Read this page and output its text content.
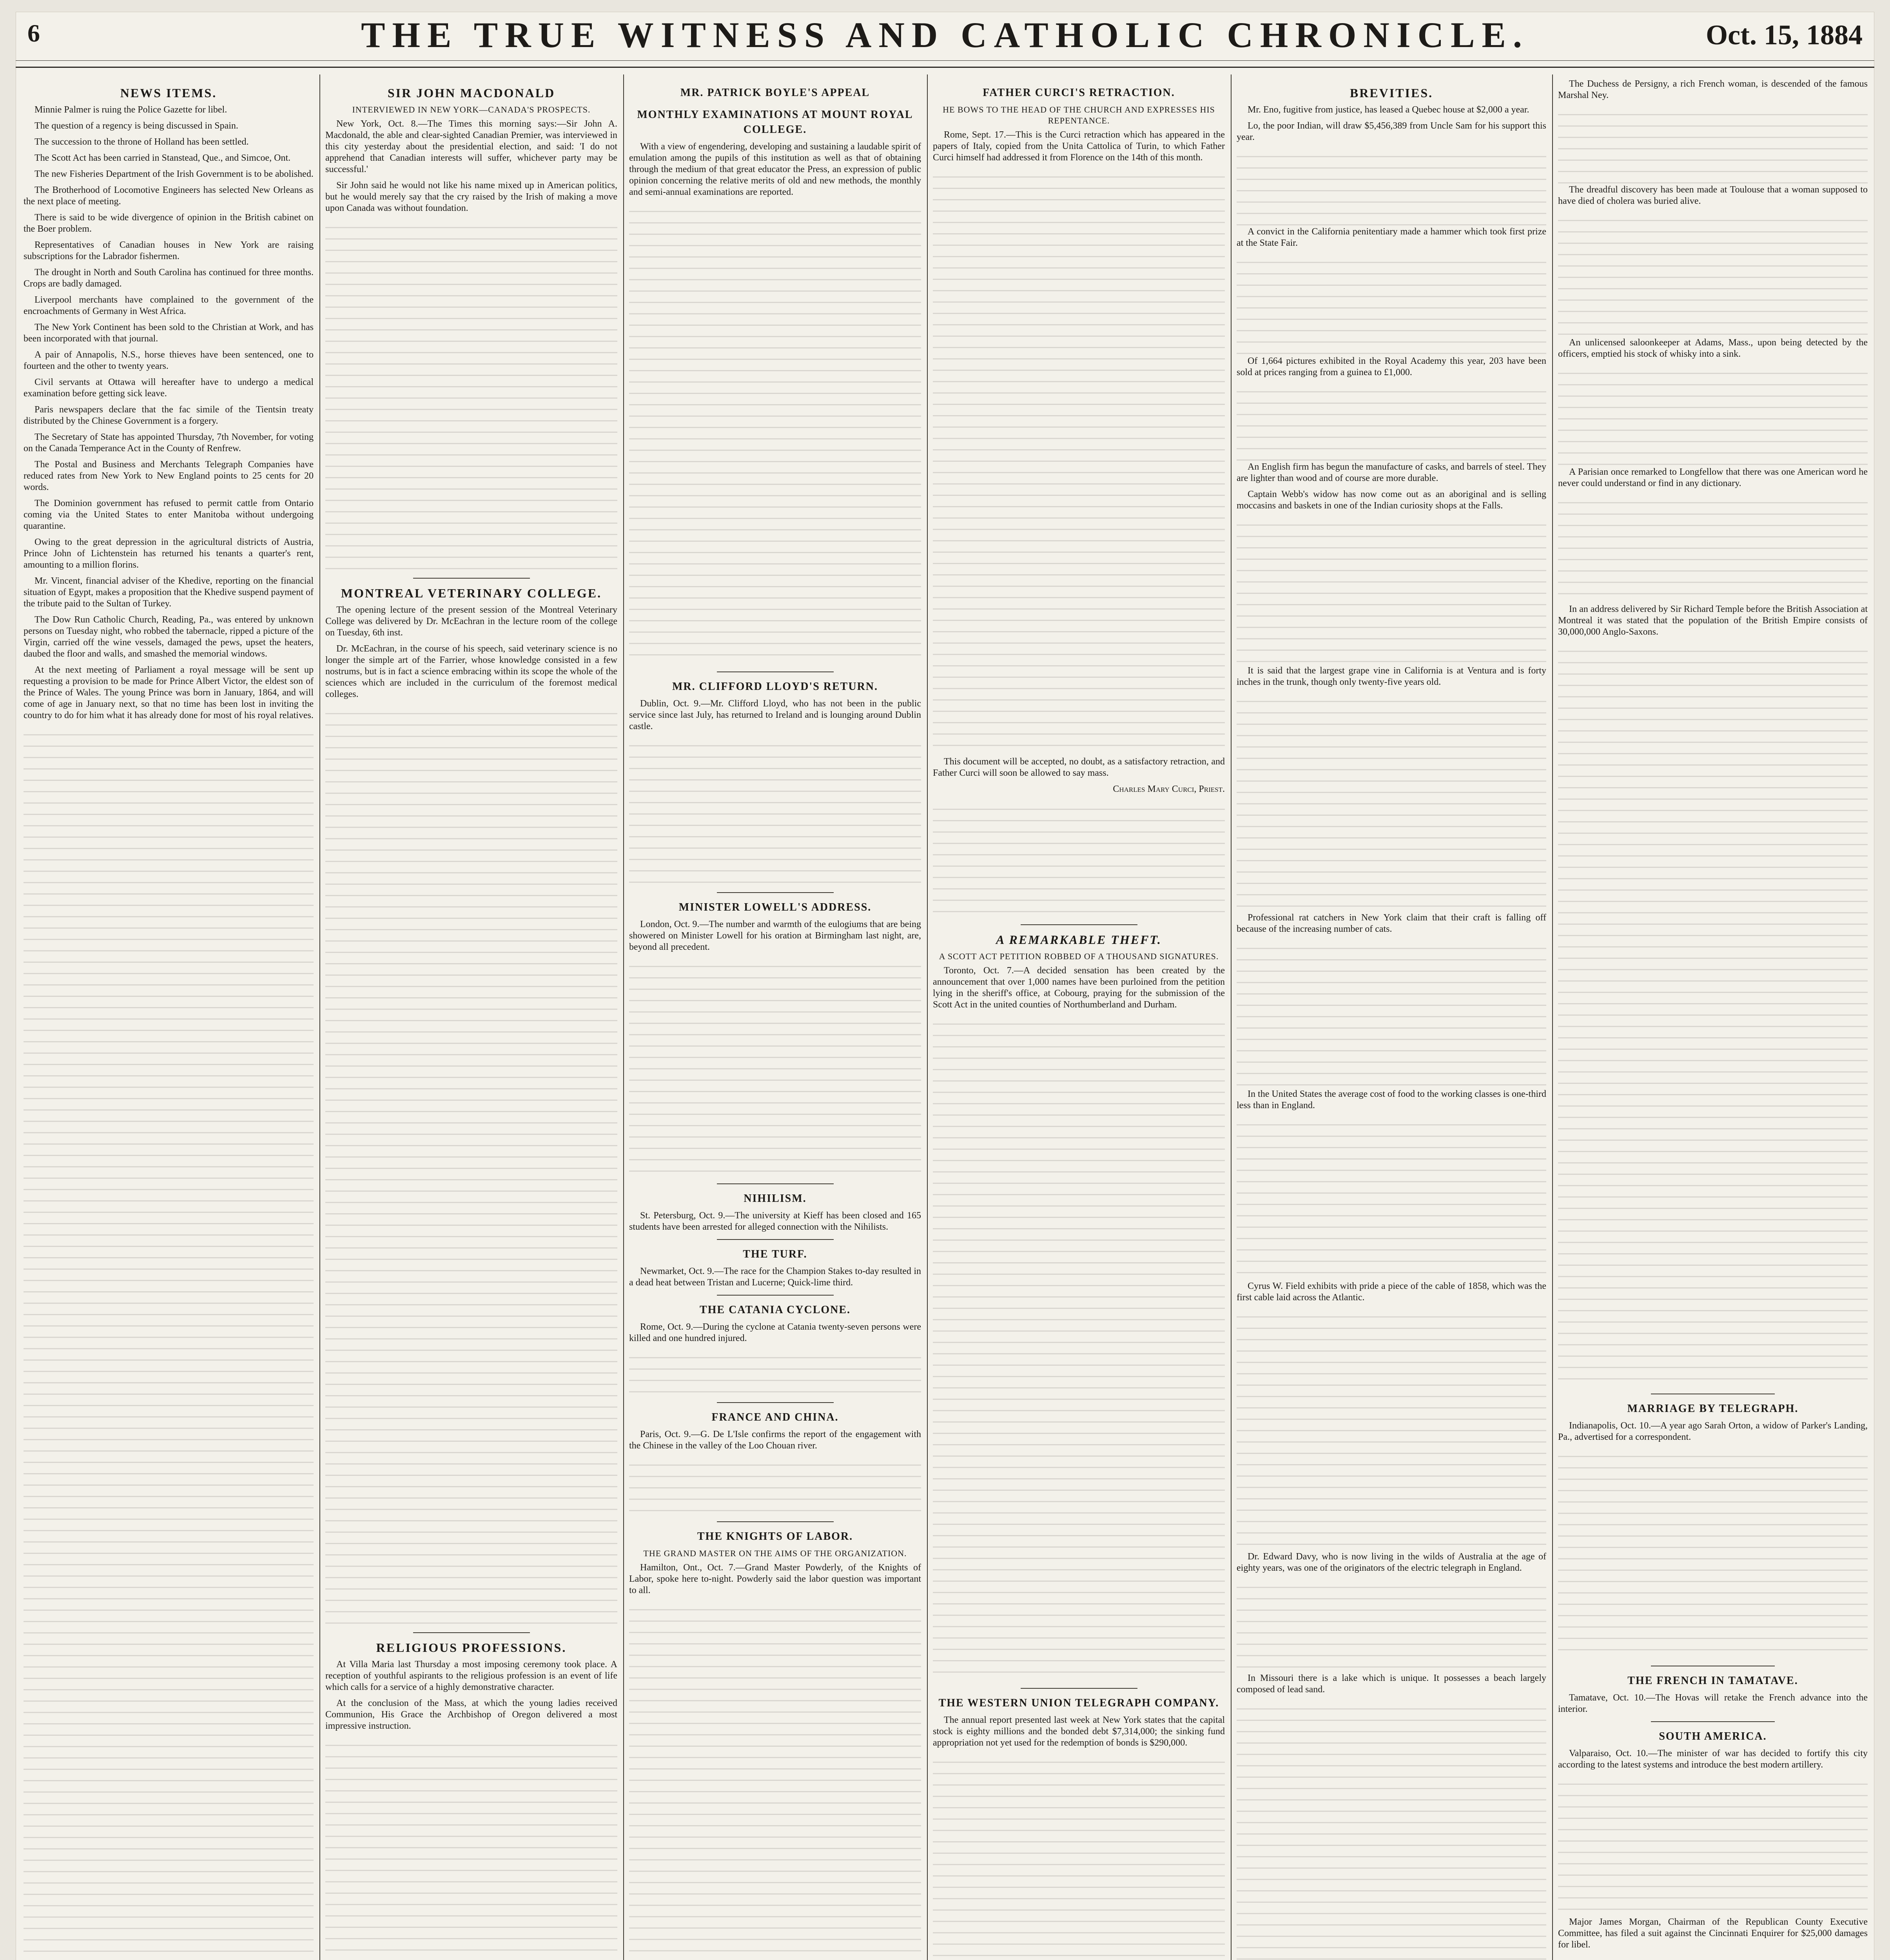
6	THE TRUE WITNESS AND CATHOLIC CHRONICLE.	Oct. 15, 1884
NEWS ITEMS.
Minnie Palmer is ruing the Police Gazette for libel.
The question of a regency is being discussed in Spain.
The succession to the throne of Holland has been settled.
The Scott Act has been carried in Stanstead, Que., and Simcoe, Ont.
The new Fisheries Department of the Irish Government is to be abolished.
The Brotherhood of Locomotive Engineers has selected New Orleans as the next place of meeting.
There is said to be wide divergence of opinion in the British cabinet on the Boer problem.
Representatives of Canadian houses in New York are raising subscriptions for the Labrador fishermen.
The drought in North and South Carolina has continued for three months. Crops are badly damaged.
Liverpool merchants have complained to the government of the encroachments of Germany in West Africa.
The New York Continent has been sold to the Christian at Work, and has been incorporated with that journal.
A pair of Annapolis, N.S., horse thieves have been sentenced, one to fourteen and the other to twenty years.
Civil servants at Ottawa will hereafter have to undergo a medical examination before getting sick leave.
Paris newspapers declare that the fac simile of the Tientsin treaty distributed by the Chinese Government is a forgery.
The Secretary of State has appointed Thursday, 7th November, for voting on the Canada Temperance Act in the County of Renfrew.
The Postal and Business and Merchants Telegraph Companies have reduced rates from New York to New England points to 25 cents for 20 words.
The Dominion government has refused to permit cattle from Ontario coming via the United States to enter Manitoba without undergoing quarantine.
Owing to the great depression in the agricultural districts of Austria, Prince John of Lichtenstein has returned his tenants a quarter's rent, amounting to a million florins.
Mr. Vincent, financial adviser of the Khedive, reporting on the financial situation of Egypt, makes a proposition that the Khedive suspend payment of the tribute paid to the Sultan of Turkey.
The Dow Run Catholic Church, Reading, Pa., was entered by unknown persons on Tuesday night, who robbed the tabernacle, ripped a picture of the Virgin, carried off the wine vessels, damaged the pews, upset the heaters, daubed the floor and walls, and smashed the memorial windows.
At the next meeting of Parliament a royal message will be sent up requesting a provision to be made for Prince Albert Victor, the eldest son of the Prince of Wales. The young Prince was born in January, 1864, and will come of age in January next, so that no time has been lost in inviting the country to do for him what it has already done for most of his royal relatives.
SIR JOHN MACDONALD
INTERVIEWED IN NEW YORK—CANADA'S PROSPECTS.
New York, Oct. 8.—The Times this morning says:—Sir John A. Macdonald, the able and clear-sighted Canadian Premier, was interviewed in this city yesterday about the presidential election, and said: 'I do not apprehend that Canadian interests will suffer, whichever party may be successful.'
Sir John said he would not like his name mixed up in American politics, but he would merely say that the cry raised by the Irish of making a move upon Canada was without foundation.
MONTREAL VETERINARY COLLEGE.
The opening lecture of the present session of the Montreal Veterinary College was delivered by Dr. McEachran in the lecture room of the college on Tuesday, 6th inst.
Dr. McEachran, in the course of his speech, said veterinary science is no longer the simple art of the Farrier, whose knowledge consisted in a few nostrums, but is in fact a science embracing within its scope the whole of the sciences which are included in the curriculum of the foremost medical colleges.
RELIGIOUS PROFESSIONS.
At Villa Maria last Thursday a most imposing ceremony took place. A reception of youthful aspirants to the religious profession is an event of life which calls for a service of a highly demonstrative character.
At the conclusion of the Mass, at which the young ladies received Communion, His Grace the Archbishop of Oregon delivered a most impressive instruction.
MR. PATRICK BOYLE'S APPEAL
MONTHLY EXAMINATIONS AT MOUNT ROYAL COLLEGE.
With a view of engendering, developing and sustaining a laudable spirit of emulation among the pupils of this institution as well as that of obtaining through the medium of that great educator the Press, an expression of public opinion concerning the relative merits of old and new methods, the monthly and semi-annual examinations are reported.
MR. CLIFFORD LLOYD'S RETURN.
Dublin, Oct. 9.—Mr. Clifford Lloyd, who has not been in the public service since last July, has returned to Ireland and is lounging around Dublin castle.
MINISTER LOWELL'S ADDRESS.
London, Oct. 9.—The number and warmth of the eulogiums that are being showered on Minister Lowell for his oration at Birmingham last night, are, beyond all precedent.
NIHILISM.
St. Petersburg, Oct. 9.—The university at Kieff has been closed and 165 students have been arrested for alleged connection with the Nihilists.
THE TURF.
Newmarket, Oct. 9.—The race for the Champion Stakes to-day resulted in a dead heat between Tristan and Lucerne; Quick-lime third.
THE CATANIA CYCLONE.
Rome, Oct. 9.—During the cyclone at Catania twenty-seven persons were killed and one hundred injured.
FRANCE AND CHINA.
Paris, Oct. 9.—G. De L'Isle confirms the report of the engagement with the Chinese in the valley of the Loo Chouan river.
THE KNIGHTS OF LABOR.
THE GRAND MASTER ON THE AIMS OF THE ORGANIZATION.
Hamilton, Ont., Oct. 7.—Grand Master Powderly, of the Knights of Labor, spoke here to-night. Powderly said the labor question was important to all.
FATHER CURCI'S RETRACTION.
HE BOWS TO THE HEAD OF THE CHURCH AND EXPRESSES HIS REPENTANCE.
Rome, Sept. 17.—This is the Curci retraction which has appeared in the papers of Italy, copied from the Unita Cattolica of Turin, to which Father Curci himself had addressed it from Florence on the 14th of this month.
This document will be accepted, no doubt, as a satisfactory retraction, and Father Curci will soon be allowed to say mass.
Charles Mary Curci, Priest.
A REMARKABLE THEFT.
A SCOTT ACT PETITION ROBBED OF A THOUSAND SIGNATURES.
Toronto, Oct. 7.—A decided sensation has been created by the announcement that over 1,000 names have been purloined from the petition lying in the sheriff's office, at Cobourg, praying for the submission of the Scott Act in the united counties of Northumberland and Durham.
THE WESTERN UNION TELEGRAPH COMPANY.
The annual report presented last week at New York states that the capital stock is eighty millions and the bonded debt $7,314,000; the sinking fund appropriation not yet used for the redemption of bonds is $290,000.
BREVITIES.
Mr. Eno, fugitive from justice, has leased a Quebec house at $2,000 a year.
Lo, the poor Indian, will draw $5,456,389 from Uncle Sam for his support this year.
A convict in the California penitentiary made a hammer which took first prize at the State Fair.
Of 1,664 pictures exhibited in the Royal Academy this year, 203 have been sold at prices ranging from a guinea to £1,000.
An English firm has begun the manufacture of casks, and barrels of steel. They are lighter than wood and of course are more durable.
Captain Webb's widow has now come out as an aboriginal and is selling moccasins and baskets in one of the Indian curiosity shops at the Falls.
It is said that the largest grape vine in California is at Ventura and is forty inches in the trunk, though only twenty-five years old.
Professional rat catchers in New York claim that their craft is falling off because of the increasing number of cats.
In the United States the average cost of food to the working classes is one-third less than in England.
Cyrus W. Field exhibits with pride a piece of the cable of 1858, which was the first cable laid across the Atlantic.
Dr. Edward Davy, who is now living in the wilds of Australia at the age of eighty years, was one of the originators of the electric telegraph in England.
In Missouri there is a lake which is unique. It possesses a beach largely composed of lead sand.
The Duchess de Persigny, a rich French woman, is descended of the famous Marshal Ney.
The dreadful discovery has been made at Toulouse that a woman supposed to have died of cholera was buried alive.
An unlicensed saloonkeeper at Adams, Mass., upon being detected by the officers, emptied his stock of whisky into a sink.
A Parisian once remarked to Longfellow that there was one American word he never could understand or find in any dictionary.
In an address delivered by Sir Richard Temple before the British Association at Montreal it was stated that the population of the British Empire consists of 30,000,000 Anglo-Saxons.
MARRIAGE BY TELEGRAPH.
Indianapolis, Oct. 10.—A year ago Sarah Orton, a widow of Parker's Landing, Pa., advertised for a correspondent.
THE FRENCH IN TAMATAVE.
Tamatave, Oct. 10.—The Hovas will retake the French advance into the interior.
SOUTH AMERICA.
Valparaiso, Oct. 10.—The minister of war has decided to fortify this city according to the latest systems and introduce the best modern artillery.
Major James Morgan, Chairman of the Republican County Executive Committee, has filed a suit against the Cincinnati Enquirer for $25,000 damages for libel.
